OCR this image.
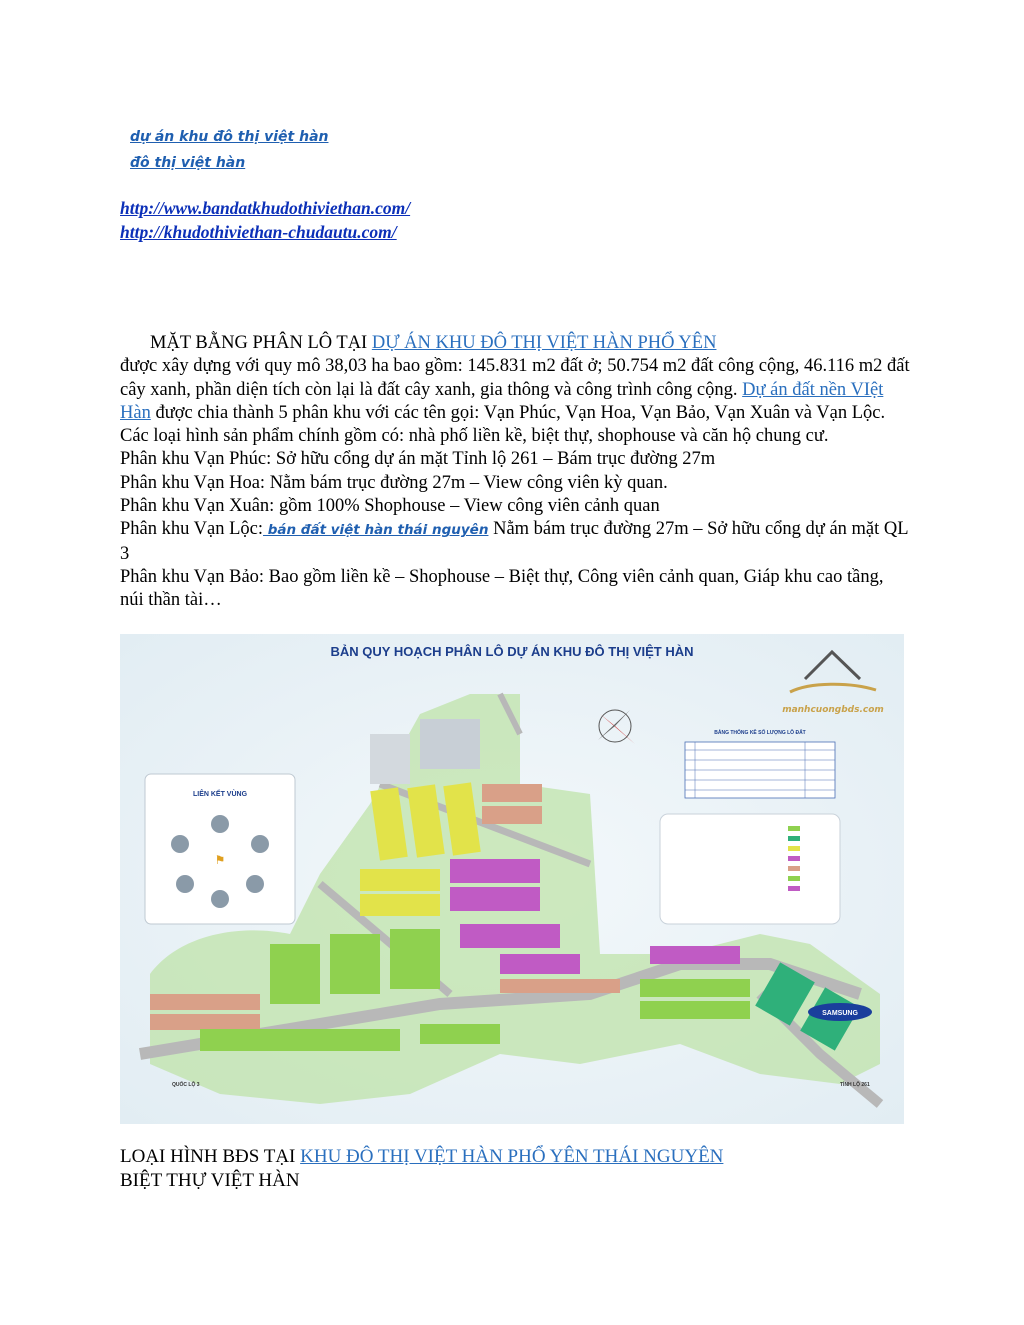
dự án khu đô thị việt hàn
đô thị việt hàn
http://www.bandatkhudothiviethan.com/
http://khudothiviethan-chudautu.com/

MẶT BẰNG PHÂN LÔ TẠI DỰ ÁN KHU ĐÔ THỊ VIỆT HÀN PHỔ YÊN

được xây dựng với quy mô 38,03 ha bao gồm: 145.831 m2 đất ở; 50.754 m2 đất công cộng, 46.116 m2 đất cây xanh, phần diện tích còn lại là đất cây xanh, gia thông và công trình công cộng. Dự án đất nền VIệt Hàn được chia thành 5 phân khu với các tên gọi: Vạn Phúc, Vạn Hoa, Vạn Bảo, Vạn Xuân và Vạn Lộc. Các loại hình sản phẩm chính gồm có: nhà phố liền kề, biệt thự, shophouse và căn hộ chung cư.

Phân khu Vạn Phúc: Sở hữu cổng dự án mặt Tỉnh lộ 261 – Bám trục đường 27m

Phân khu Vạn Hoa: Nằm bám trục đường 27m – View công viên kỳ quan.

Phân khu Vạn Xuân: gồm 100% Shophouse – View công viên cảnh quan

Phân khu Vạn Lộc: bán đất việt hàn thái nguyên Nằm bám trục đường 27m – Sở hữu cổng dự án mặt QL 3

Phân khu Vạn Bảo: Bao gồm liền kề – Shophouse – Biệt thự, Công viên cảnh quan, Giáp khu cao tầng, núi thần tài…

BẢN QUY HOẠCH PHÂN LÔ DỰ ÁN KHU ĐÔ THỊ VIỆT HÀN
manhcuongbds.com
LIÊN KẾT VÙNG
⚑
BẢNG THỐNG KÊ SỐ LƯỢNG LÔ ĐẤT
SAMSUNG
QUỐC LỘ 3	TỈNH LỘ 261

LOẠI HÌNH BĐS TẠI KHU ĐÔ THỊ VIỆT HÀN PHỔ YÊN THÁI NGUYÊN

BIỆT THỰ VIỆT HÀN
